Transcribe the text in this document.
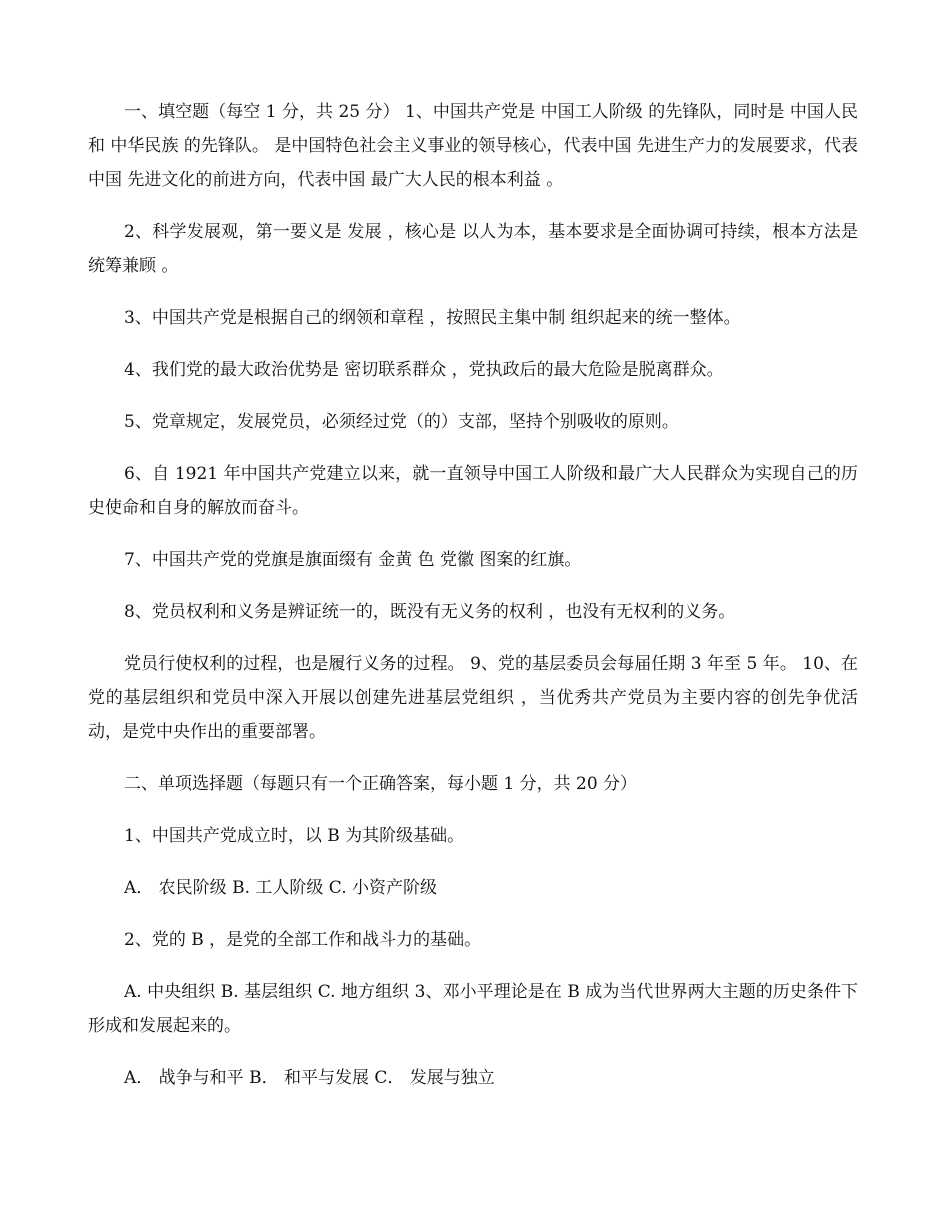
一、填空题（每空 1 分，共 25 分） 1、中国共产党是 中国工人阶级 的先锋队，同时是 中国人民 和 中华民族 的先锋队。 是中国特色社会主义事业的领导核心，代表中国 先进生产力的发展要求，代表中国 先进文化的前进方向，代表中国 最广大人民的根本利益 。

2、科学发展观，第一要义是 发展 ，核心是 以人为本，基本要求是全面协调可持续，根本方法是 统筹兼顾 。

3、中国共产党是根据自己的纲领和章程 ，按照民主集中制 组织起来的统一整体。

4、我们党的最大政治优势是 密切联系群众 ，党执政后的最大危险是脱离群众。

5、党章规定，发展党员，必须经过党（的）支部，坚持个别吸收的原则。

6、自 1921 年中国共产党建立以来，就一直领导中国工人阶级和最广大人民群众为实现自己的历史使命和自身的解放而奋斗。

7、中国共产党的党旗是旗面缀有 金黄 色 党徽 图案的红旗。

8、党员权利和义务是辨证统一的，既没有无义务的权利 ，也没有无权利的义务。

党员行使权利的过程，也是履行义务的过程。 9、党的基层委员会每届任期 3 年至 5 年。 10、在党的基层组织和党员中深入开展以创建先进基层党组织 ，当优秀共产党员为主要内容的创先争优活动，是党中央作出的重要部署。

二、单项选择题（每题只有一个正确答案，每小题 1 分，共 20 分）

1、中国共产党成立时，以 B 为其阶级基础。

A． 农民阶级 B. 工人阶级 C. 小资产阶级

2、党的 B ，是党的全部工作和战斗力的基础。

A. 中央组织 B. 基层组织 C. 地方组织 3、邓小平理论是在 B 成为当代世界两大主题的历史条件下形成和发展起来的。

A． 战争与和平 B． 和平与发展 C． 发展与独立
